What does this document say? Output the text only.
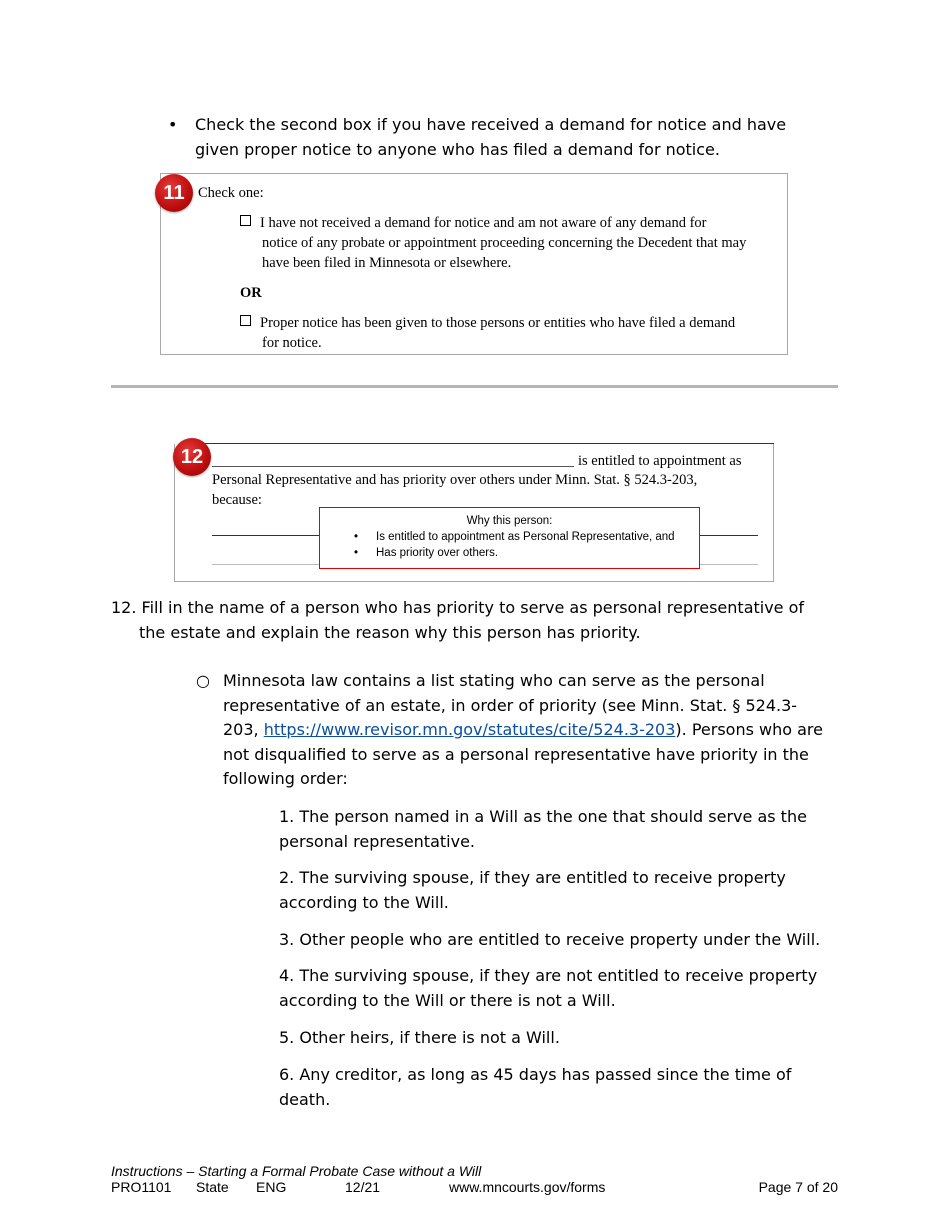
• Check the second box if you have received a demand for notice and have given proper notice to anyone who has filed a demand for notice.
11 Check one:
I have not received a demand for notice and am not aware of any demand for
notice of any probate or appointment proceeding concerning the Decedent that may have been filed in Minnesota or elsewhere.
OR
Proper notice has been given to those persons or entities who have filed a demand
for notice.
12	is entitled to appointment as
Personal Representative and has priority over others under Minn. Stat. § 524.3-203,
because:
Why this person:
• Is entitled to appointment as Personal Representative, and
• Has priority over others.
12. Fill in the name of a person who has priority to serve as personal representative of the estate and explain the reason why this person has priority.
○ Minnesota law contains a list stating who can serve as the personal representative of an estate, in order of priority (see Minn. Stat. § 524.3-203, https://www.revisor.mn.gov/statutes/cite/524.3-203). Persons who are not disqualified to serve as a personal representative have priority in the following order:
1. The person named in a Will as the one that should serve as the personal representative.
2. The surviving spouse, if they are entitled to receive property according to the Will.
3. Other people who are entitled to receive property under the Will.
4. The surviving spouse, if they are not entitled to receive property according to the Will or there is not a Will.
5. Other heirs, if there is not a Will.
6. Any creditor, as long as 45 days has passed since the time of death.
Instructions – Starting a Formal Probate Case without a Will
PRO1101 State ENG	12/21	www.mncourts.gov/forms	Page 7 of 20
